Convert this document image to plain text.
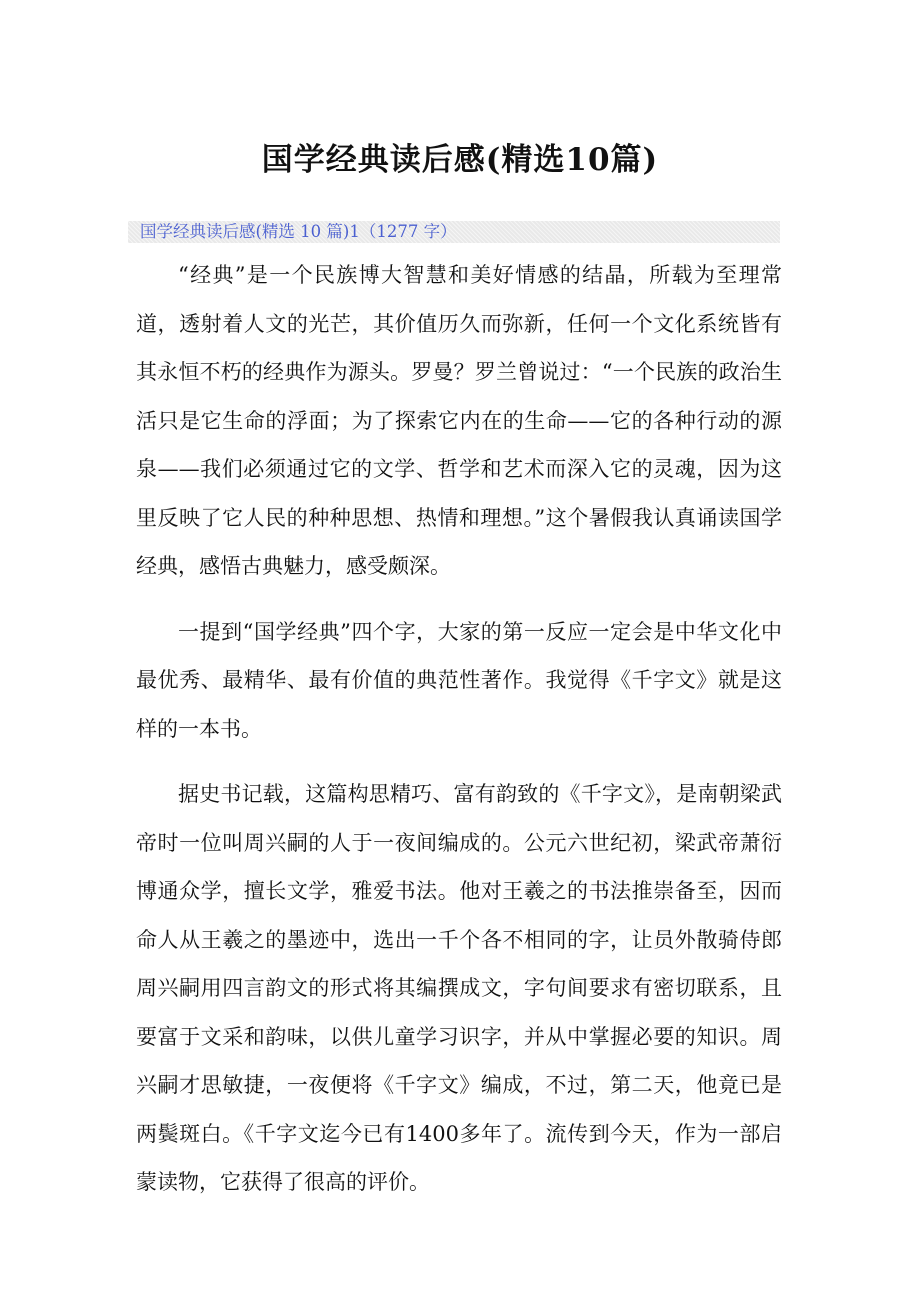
国学经典读后感(精选10篇)
国学经典读后感(精选 10 篇)1（1277 字）

“经典”是一个民族博大智慧和美好情感的结晶，所载为至理常道，透射着人文的光芒，其价值历久而弥新，任何一个文化系统皆有其永恒不朽的经典作为源头。罗曼？罗兰曾说过：“一个民族的政治生活只是它生命的浮面；为了探索它内在的生命——它的各种行动的源泉——我们必须通过它的文学、哲学和艺术而深入它的灵魂，因为这里反映了它人民的种种思想、热情和理想。”这个暑假我认真诵读国学经典，感悟古典魅力，感受颇深。

一提到“国学经典”四个字，大家的第一反应一定会是中华文化中最优秀、最精华、最有价值的典范性著作。我觉得《千字文》就是这样的一本书。

据史书记载，这篇构思精巧、富有韵致的《千字文》，是南朝梁武帝时一位叫周兴嗣的人于一夜间编成的。公元六世纪初，梁武帝萧衍博通众学，擅长文学，雅爱书法。他对王羲之的书法推崇备至，因而命人从王羲之的墨迹中，选出一千个各不相同的字，让员外散骑侍郎周兴嗣用四言韵文的形式将其编撰成文，字句间要求有密切联系，且要富于文采和韵味，以供儿童学习识字，并从中掌握必要的知识。周兴嗣才思敏捷，一夜便将《千字文》编成，不过，第二天，他竟已是两鬓斑白。《千字文迄今已有1400多年了。流传到今天，作为一部启蒙读物，它获得了很高的评价。
